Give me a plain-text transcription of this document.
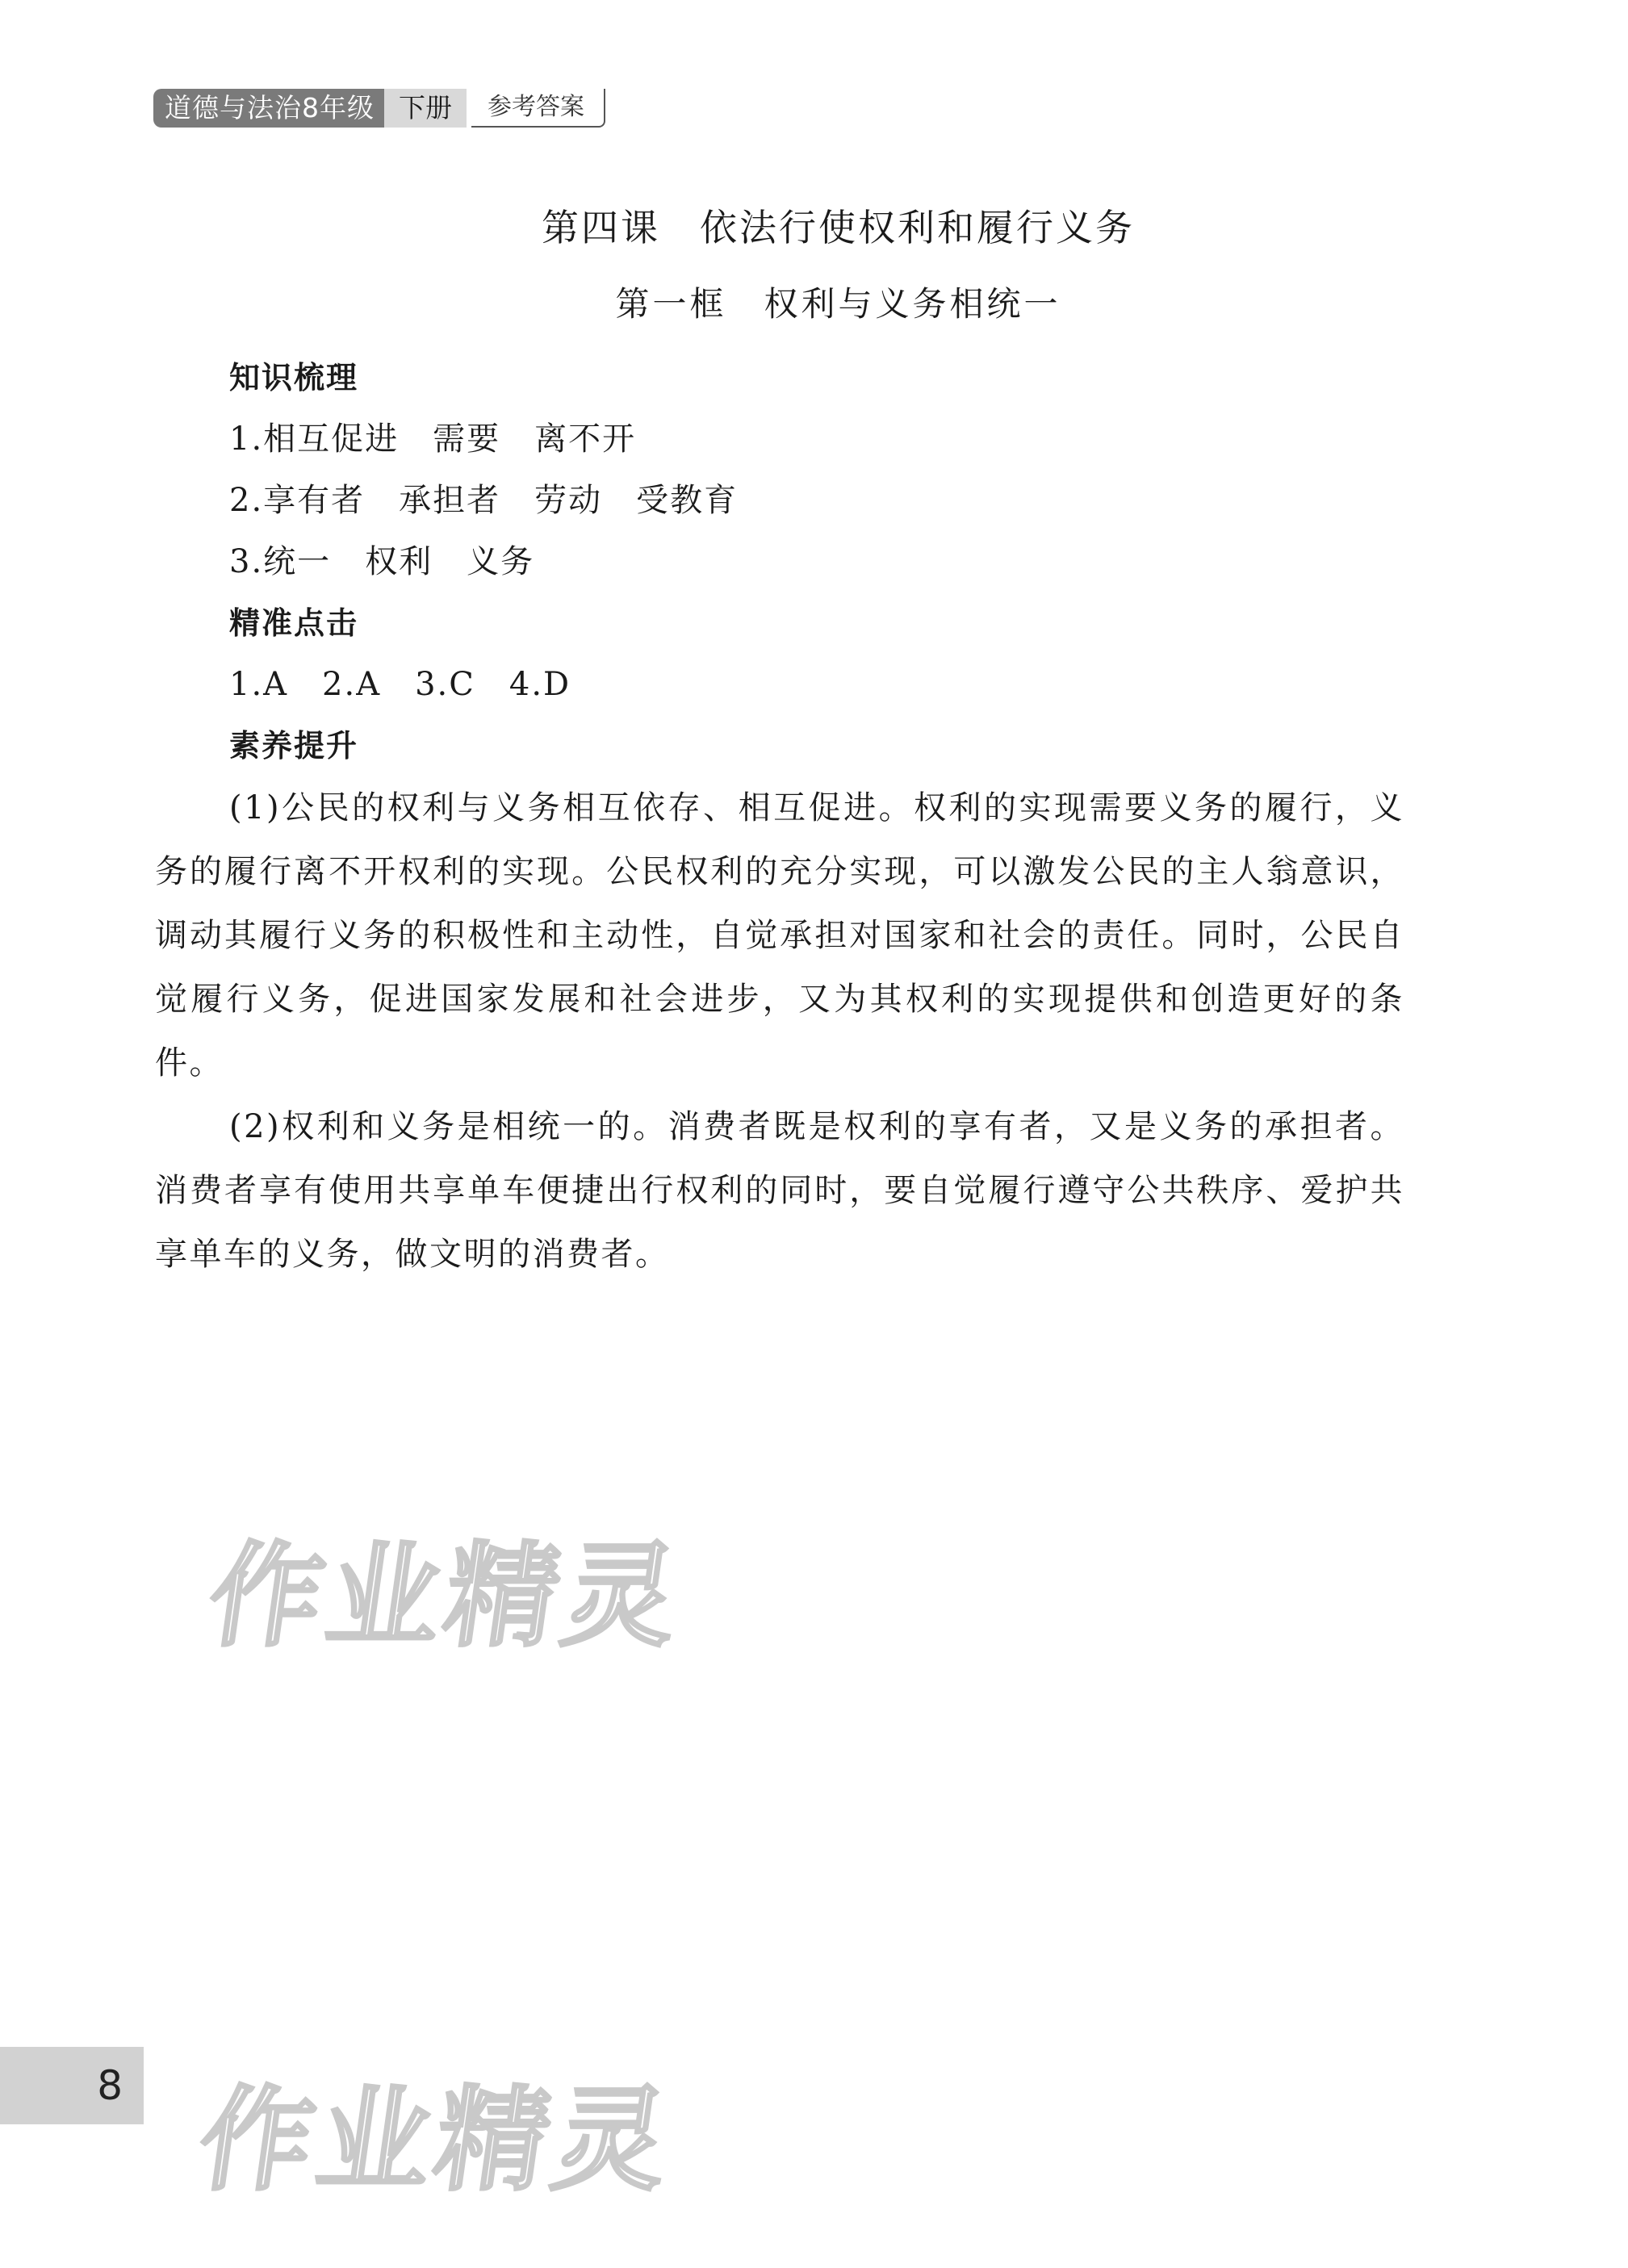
道德与法治8年级 下册	参考答案
第四课　依法行使权利和履行义务
第一框　权利与义务相统一
知识梳理
1.相互促进　需要　离不开
2.享有者　承担者　劳动　受教育
3.统一　权利　义务
精准点击
1.A　2.A　3.C　4.D
素养提升

(1)公民的权利与义务相互依存、相互促进。权利的实现需要义务的履行，义务的履行离不开权利的实现。公民权利的充分实现，可以激发公民的主人翁意识，调动其履行义务的积极性和主动性，自觉承担对国家和社会的责任。同时，公民自觉履行义务，促进国家发展和社会进步，又为其权利的实现提供和创造更好的条件。

(2)权利和义务是相统一的。消费者既是权利的享有者，又是义务的承担者。消费者享有使用共享单车便捷出行权利的同时，要自觉履行遵守公共秩序、爱护共享单车的义务，做文明的消费者。

作业精灵
作业精灵
8
